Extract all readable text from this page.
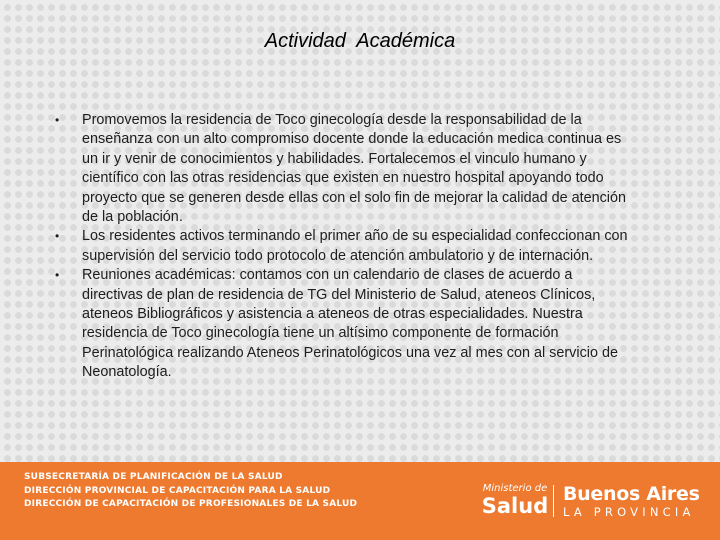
Actividad  Académica
• Promovemos la residencia de Toco ginecología desde la responsabilidad de la
enseñanza con un alto compromiso docente donde la educación medica continua es
un ir y venir de conocimientos y habilidades. Fortalecemos el vinculo humano y
científico con las otras residencias que existen en nuestro hospital apoyando todo
proyecto que se generen desde ellas con el solo fin de mejorar la calidad de atención
de la población.
• Los residentes activos terminando el primer año de su especialidad confeccionan con
supervisión del servicio todo protocolo de atención ambulatorio y de internación.
• Reuniones académicas: contamos con un calendario de clases de acuerdo a
directivas de plan de residencia de TG del Ministerio de Salud, ateneos Clínicos,
ateneos Bibliográficos y asistencia a ateneos de otras especialidades. Nuestra
residencia de Toco ginecología tiene un altísimo componente de formación
Perinatológica realizando Ateneos Perinatológicos una vez al mes con al servicio de
Neonatología.
SUBSECRETARÍA DE PLANIFICACIÓN DE LA SALUD
DIRECCIÓN PROVINCIAL DE CAPACITACIÓN PARA LA SALUD
DIRECCIÓN DE CAPACITACIÓN DE PROFESIONALES DE LA SALUD
Ministerio de
Salud Buenos Aires
LA PROVINCIA
